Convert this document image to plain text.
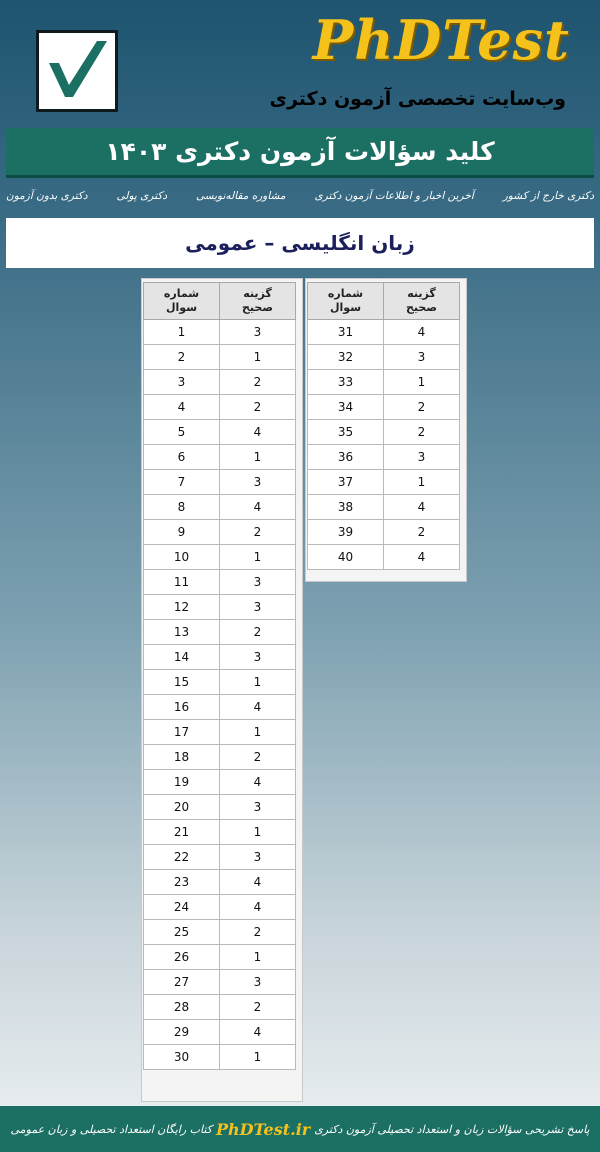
PhDTest
وب‌سایت تخصصی آزمون دکتری
کلید سؤالات آزمون دکتری ۱۴۰۳
دکتری بدون آزمون	دکتری پولی	مشاوره مقاله‌نویسی	آخرین اخبار و اطلاعات آزمون دکتری	دکتری خارج از کشور
زبان انگلیسی – عمومی
شماره
سوال	گزینه
صحیح
1	3
2	1
3	2
4	2
5	4
6	1
7	3
8	4
9	2
10	1
11	3
12	3
13	2
14	3
15	1
16	4
17	1
18	2
19	4
20	3
21	1
22	3
23	4
24	4
25	2
26	1
27	3
28	2
29	4
30	1
شماره
سوال	گزینه
صحیح
31	4
32	3
33	1
34	2
35	2
36	3
37	1
38	4
39	2
40	4
پاسخ تشریحی سؤالات زبان و استعداد تحصیلی آزمون دکتری
PhDTest.ir
کتاب رایگان استعداد تحصیلی و زبان عمومی
